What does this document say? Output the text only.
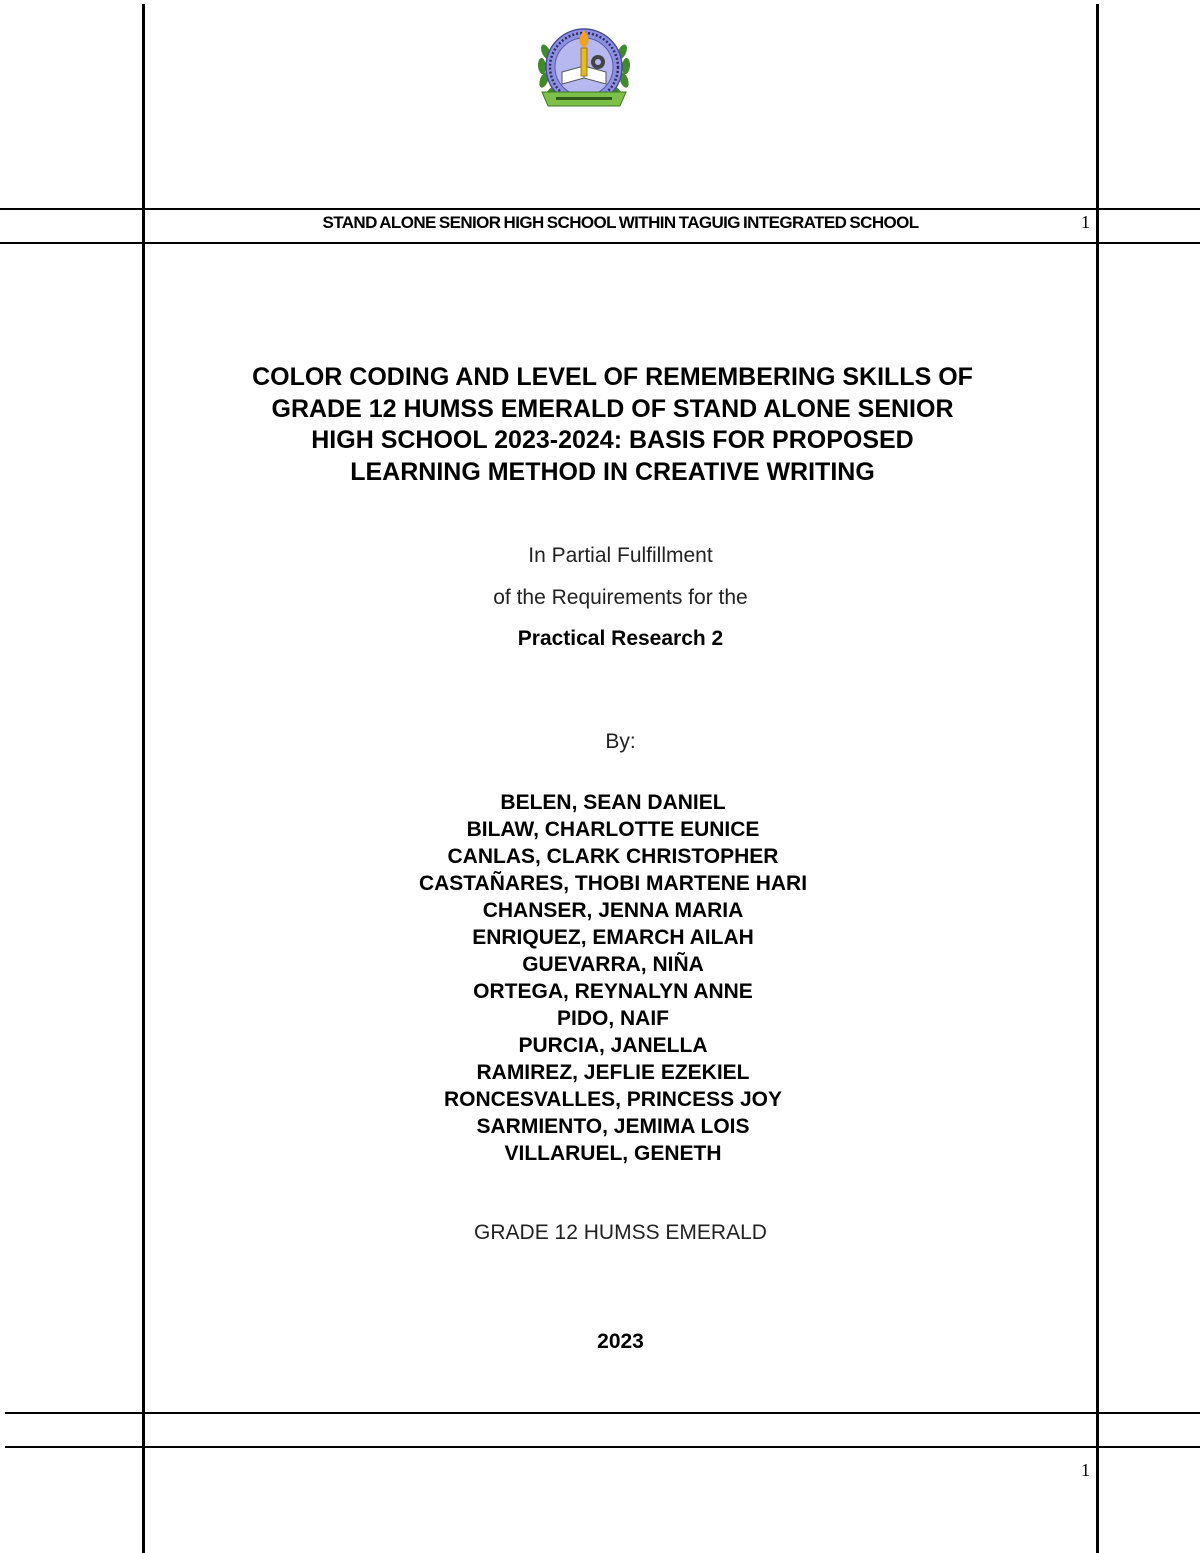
STAND ALONE SENIOR HIGH SCHOOL WITHIN TAGUIG INTEGRATED SCHOOL	1
COLOR CODING AND LEVEL OF REMEMBERING SKILLS OF
GRADE 12 HUMSS EMERALD OF STAND ALONE SENIOR
HIGH SCHOOL 2023-2024: BASIS FOR PROPOSED
LEARNING METHOD IN CREATIVE WRITING
In Partial Fulfillment
of the Requirements for the
Practical Research 2
By:
BELEN, SEAN DANIEL
BILAW, CHARLOTTE EUNICE
CANLAS, CLARK CHRISTOPHER
CASTAÑARES, THOBI MARTENE HARI
CHANSER, JENNA MARIA
ENRIQUEZ, EMARCH AILAH
GUEVARRA, NIÑA
ORTEGA, REYNALYN ANNE
PIDO, NAIF
PURCIA, JANELLA
RAMIREZ, JEFLIE EZEKIEL
RONCESVALLES, PRINCESS JOY
SARMIENTO, JEMIMA LOIS
VILLARUEL, GENETH
GRADE 12 HUMSS EMERALD
2023
1
